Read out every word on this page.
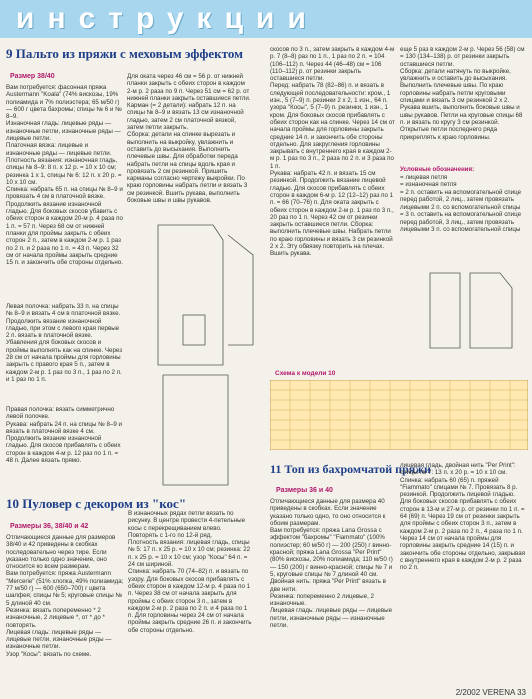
инструкции
9 Пальто из пряжи с меховым эффектом
Размер 38/40
Вам потребуется: фасонная пряжа Austermann "Koala" (74% вискозы, 19% полиамида и 7% полиэстера; 65 м/50 г) — 600 г цвета бахромы; спицы № 6 и № 8–9.
Изнаночная гладь: лицевые ряды — изнаночные петли, изнаночные ряды — лицевые петли.
Платочная вязка: лицевые и изнаночные ряды — лицевые петли.
Плотность вязания: изнаночная гладь, спицы № 8–9: 8 п. х 12 р. = 10 х 10 см; резинка 1 х 1, спицы № 6: 12 п. х 20 р. = 10 х 10 см.
Спинка: набрать 65 п. на спицы № 8–9 и провязать 4 см в платочной вязке. Продолжить вязание изнаночной гладью. Для боковых скосов убавить с обеих сторон в каждом 20-м р. 4 раза по 1 п. = 57 п. Через 68 см от нижней планки для проймы закрыть с обеих сторон 2 п., затем в каждом 2-м р. 1 раз по 2 п. и 2 раза по 1 п. = 43 п. Через 32 см от начала проймы закрыть средние 15 п. и закончить обе стороны отдельно.
Левая полочка: набрать 33 п. на спицы № 8–9 и вязать 4 см в платочной вязке. Продолжить вязание изнаночной гладью, при этом с левого края первые 2 п. вязать в платочной вязке. Убавления для боковых скосов и проймы выполнять как на спинке. Через 28 см от начала проймы для горловины закрыть с правого края 5 п., затем в каждом 2-м р. 1 раз по 3 п., 1 раз по 2 п. и 1 раз по 1 п.
Правая полочка: вязать симметрично левой полочке.
Рукава: набрать 24 п. на спицы № 8–9 и вязать в платочной вязке 4 см. Продолжить вязание изнаночной гладью. Для скосов прибавлять с обеих сторон в каждом 4-м р. 12 раз по 1 п. = 48 п. Далее вязать прямо.
Для оката через 46 см = 56 р. от нижней планки закрыть с обеих сторон в каждом 2-м р. 2 раза по 9 п. Через 51 см = 62 р. от нижней планки закрыть оставшиеся петли.
Карман (= 2 детали): набрать 12 п. на спицы № 8–9 и вязать 13 см изнаночной гладью, затем 2 см платочной вязкой, затем петли закрыть.
Сборка: детали на спинке вырезать и выполнить на выкройку, увлажнить и оставить до высыхания. Выполнить плечевые швы. Для обработки переда набрать петли на спицы вдоль края и провязать 2 см резинкой. Пришить карманы согласно чертежу выкройки. По краю горловины набрать петли и вязать 3 см резинкой. Вшить рукава, выполнить боковые швы и швы рукавов.
10 Пуловер с декором из "кос"
Размеры 36, 38/40 и 42
Отличающиеся данные для размеров 38/40 и 42 приведены в скобках последовательно через тире. Если указано только одно значение, оно относится ко всем размерам.
Вам потребуется: пряжа Austermann "Mercerie" (51% хлопка, 49% полиамида; 77 м/50 г) — 600 (650–700) г цвета шалфея; спицы № 5; круговые спицы № 5 длиной 40 см.
Резинка: вязать попеременно * 2 изнаночные, 2 лицевые *, от * до * повторять.
Лицевая гладь: лицевые ряды — лицевые петли, изнаночные ряды — изнаночные петли.
Узор "Косы": вязать по схеме.
В изнаночных рядах петли вязать по рисунку. В центре провести 4-петельные косы с перекрещиванием влево. Повторять с 1-го по 12-й ряд.
Плотность вязания: лицевая гладь, спицы № 5: 17 п. х 25 р. = 10 х 10 см; резинка: 22 п. х 25 р. = 10 х 10 см; узор "Косы" 64 п. = 24 см шириной.
Спинка: набрать 70 (74–82) п. и вязать по узору. Для боковых скосов прибавлять с обеих сторон в каждом 12-м р. 4 раза по 1 п. Через 38 см от начала закрыть для проймы с обеих сторон 3 п., затем в каждом 2-м р. 2 раза по 2 п. и 4 раза по 1 п. Для горловины через 24 см от начала проймы закрыть средние 26 п. и закончить обе стороны отдельно.
скосов по 3 п., затем закрыть в каждом 4-м р. 7 (8–8) раз по 1 п., 1 раз по 2 п. = 104 (106–112) п. Через 44 (46–48) см = 106 (110–112) р. от резинки закрыть оставшиеся петли.
Перед: набрать 78 (82–86) п. и вязать в следующей последовательности: кром., 1 изн., 5 (7–9) п. резинки 2 х 2, 1 изн., 64 п. узора "Косы", 5 (7–9) п. резинки, 1 изн., 1 кром. Для боковых скосов прибавлять с обеих сторон как на спинке. Через 14 см от начала проймы для горловины закрыть средние 14 п. и закончить обе стороны отдельно. Для закругления горловины закрывать с внутреннего края в каждом 2-м р. 1 раз по 3 п., 2 раза по 2 п. и 3 раза по 1 п.
Рукава: набрать 42 п. и вязать 15 см резинкой. Продолжить вязание лицевой гладью. Для скосов прибавлять с обеих сторон в каждом 6-м р. 12 (12–12) раз по 1 п. = 66 (70–76) п. Для оката закрыть с обеих сторон в каждом 2-м р. 1 раз по 3 п., 20 раз по 1 п. Через 42 см от резинки закрыть оставшиеся петли. Сборка: выполнить плечевые швы. Набрать петли по краю горловины и вязать 3 см резинкой 2 х 2. Эту обвязку повторить на плечах. Вшить рукава.
еще 5 раз в каждом 2-м р. Через 56 (58) см = 130 (134–138) р. от резинки закрыть оставшиеся петли.
Сборка: детали натянуть по выкройке, увлажнить и оставить до высыхания. Выполнить плечевые швы. По краю горловины набрать петли круговыми спицами и вязать 3 см резинкой 2 х 2. Рукава вшить, выполнить боковые швы и швы рукавов. Петли на круговые спицы 68 п. и вязать по кругу 3 см резинкой. Открытые петли последнего ряда прикреплять к краю горловины.
Условные обозначения:
= лицевая петля
= изнаночная петля
= 2 п. оставить на вспомогательной спице перед работой, 2 лиц., затем провязать лицевыми 2 п. со вспомогательной спицы
= 3 п. оставить на вспомогательной спице перед работой, 3 лиц., затем провязать лицевыми 3 п. со вспомогательной спицы
Схема к модели 10
11 Топ из бахромчатой пряжи
Размеры 36 и 40
Отличающиеся данные для размера 40 приведены в скобках. Если значение указано только одно, то оно относится к обоим размерам.
Вам потребуется: пряжа Lana Grossa с эффектом "бахромы" "Fiammato" (100% полиэстер; 60 м/50 г) — 200 (250) г винно-красной; пряжа Lana Grossa "Per Print" (80% вискозы, 20% полиамида; 110 м/50 г) — 150 (200) г винно-красной; спицы № 7 и 5, круговые спицы № 7 длиной 40 см.
Двойная нить: пряжа "Per Print" вязать в две нити.
Резинка: попеременно 2 лицевые, 2 изнаночные.
Лицевая гладь: лицевые ряды — лицевые петли, изнаночные ряды — изнаночные петли.
лицевая гладь, двойная нить "Per Print": спицы № 7: 13 п. х 20 р. = 10 х 10 см.
Спинка: набрать 60 (65) п. пряжей "Fiammato" спицами № 7. Провязать 8 р. резинкой. Продолжить лицевой гладью. Для боковых скосов прибавлять с обеих сторон в 13-м и 27-м р. от резинки по 1 п. = 64 (69) п. Через 19 см от резинки закрыть для проймы с обеих сторон 3 п., затем в каждом 2-м р. 2 раза по 2 п., 4 раза по 1 п. Через 14 см от начала проймы для горловины закрыть средние 14 (15) п. и закончить обе стороны отдельно, закрывая с внутреннего края в каждом 2-м р. 2 раза по 2 п.
2/2002 VERENA 33
